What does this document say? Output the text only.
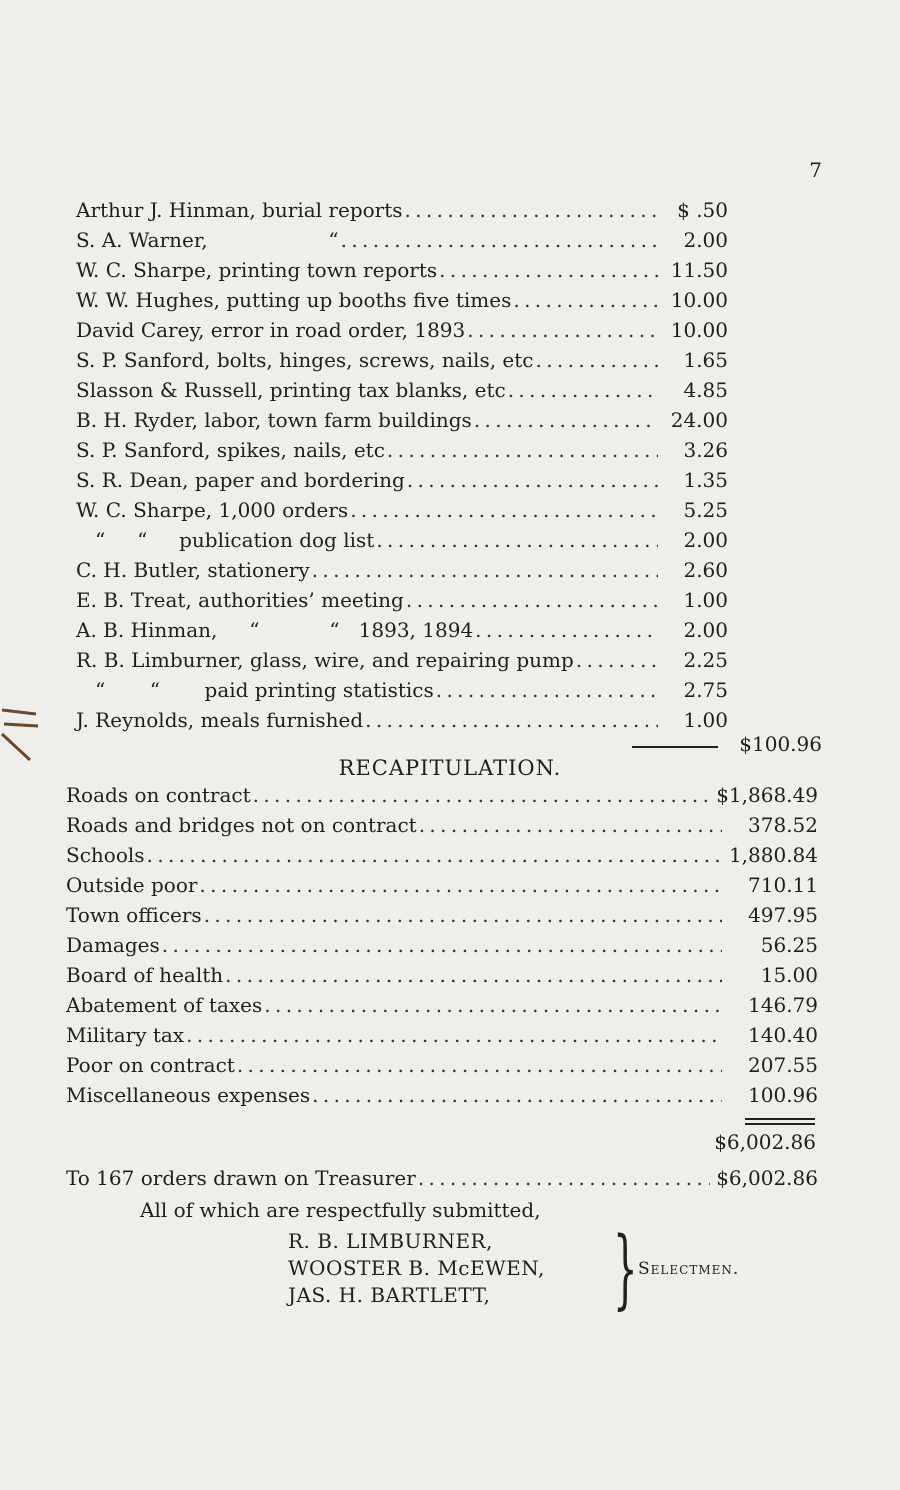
7
Arthur J. Hinman, burial reports . . .	$ .50
S. A. Warner,                   “ . . .	2.00
W. C. Sharpe, printing town reports . . .	11.50
W. W. Hughes, putting up booths five times . . .	10.00
David Carey, error in road order, 1893 . . .	10.00
S. P. Sanford, bolts, hinges, screws, nails, etc . . .	1.65
Slasson & Russell, printing tax blanks, etc . . .	4.85
B. H. Ryder, labor, town farm buildings . . .	24.00
S. P. Sanford, spikes, nails, etc . . .	3.26
S. R. Dean, paper and bordering . . .	1.35
W. C. Sharpe, 1,000 orders . . .	5.25
“     “     publication dog list . . .	2.00
C. H. Butler, stationery . . .	2.60
E. B. Treat, authorities’ meeting . . .	1.00
A. B. Hinman,     “           “   1893, 1894 . . .	2.00
R. B. Limburner, glass, wire, and repairing pump . . .	2.25
“       “       paid printing statistics . . .	2.75
J. Reynolds, meals furnished . . .	1.00
$100.96
RECAPITULATION.
Roads on contract . . .	$1,868.49
Roads and bridges not on contract . . .	378.52
Schools . . .	1,880.84
Outside poor . . .	710.11
Town officers . . .	497.95
Damages . . .	56.25
Board of health . . .	15.00
Abatement of taxes . . .	146.79
Military tax . . .	140.40
Poor on contract . . .	207.55
Miscellaneous expenses . . .	100.96
$6,002.86
To 167 orders drawn on Treasurer . . .	$6,002.86
All of which are respectfully submitted,
R. B. LIMBURNER,
WOOSTER B. McEWEN,
JAS. H. BARTLETT,	} Selectmen.
